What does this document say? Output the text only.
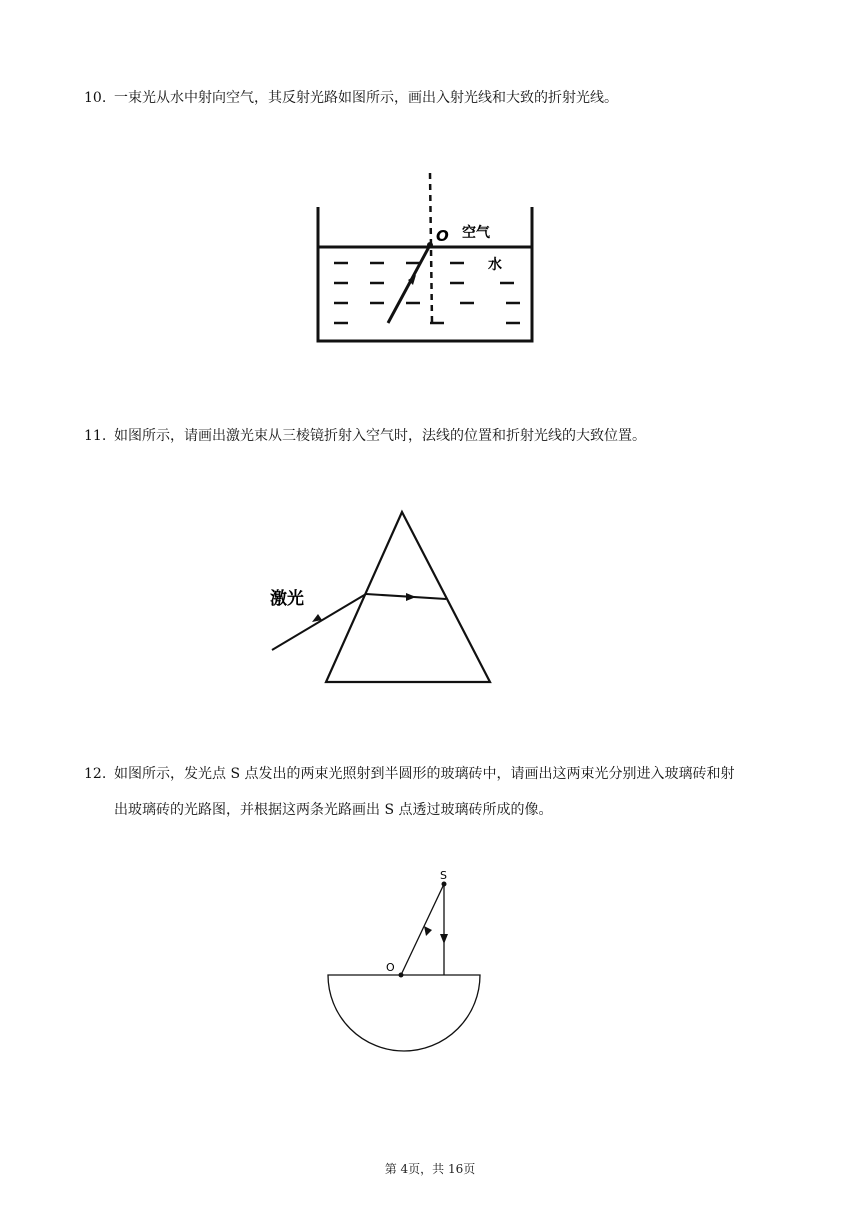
10. 一束光从水中射向空气，其反射光路如图所示，画出入射光线和大致的折射光线。
O 空气
水
11. 如图所示，请画出激光束从三棱镜折射入空气时，法线的位置和折射光线的大致位置。
激光
12. 如图所示，发光点 S 点发出的两束光照射到半圆形的玻璃砖中，请画出这两束光分别进入玻璃砖和射
出玻璃砖的光路图，并根据这两条光路画出 S 点透过玻璃砖所成的像。
S
O
第 4页，共 16页
